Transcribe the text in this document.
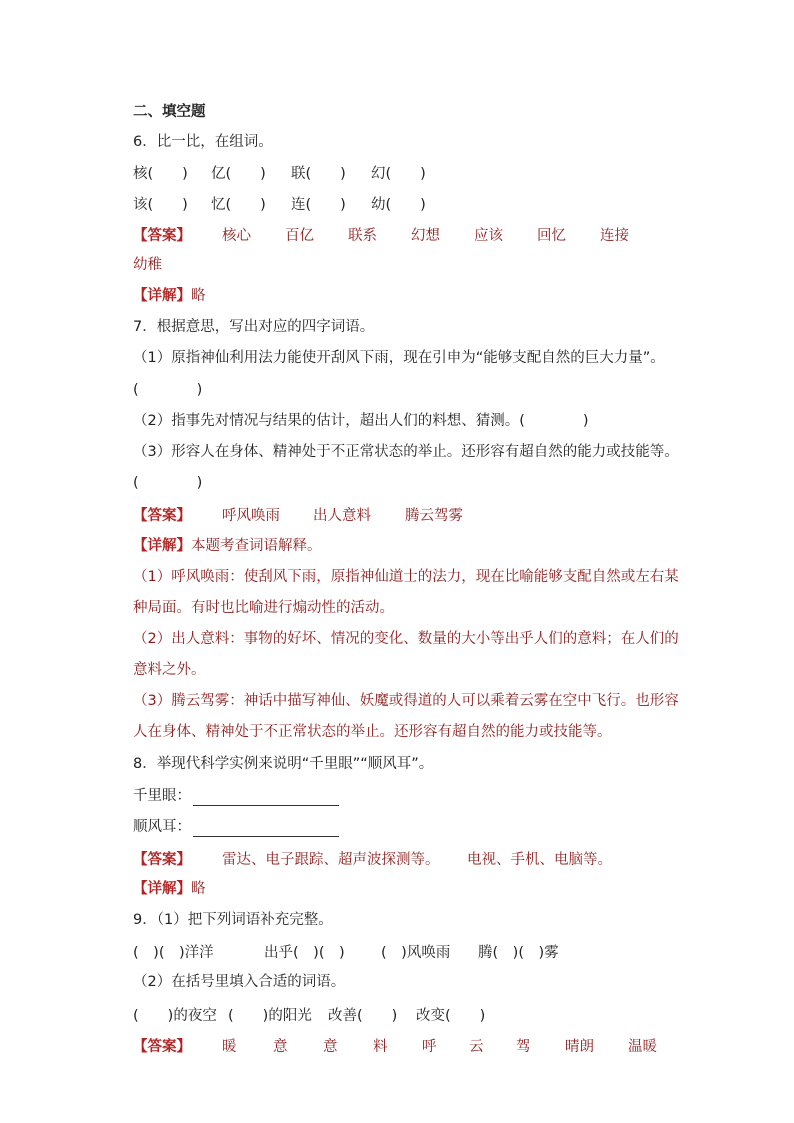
二、填空题
6．比一比，在组词。
核(　　) 亿(　　) 联(　　) 幻(　　)
该(　　) 忆(　　) 连(　　) 幼(　　)
【答案】 核心 百亿 联系 幻想 应该 回忆 连接
幼稚
【详解】略
7．根据意思，写出对应的四字词语。
（1）原指神仙利用法力能使开刮风下雨，现在引申为“能够支配自然的巨大力量”。
(　　　　)
（2）指事先对情况与结果的估计，超出人们的料想、猜测。(　　　　)
（3）形容人在身体、精神处于不正常状态的举止。还形容有超自然的能力或技能等。
(　　　　)
【答案】 呼风唤雨 出人意料 腾云驾雾
【详解】本题考查词语解释。
（1）呼风唤雨：使刮风下雨，原指神仙道士的法力，现在比喻能够支配自然或左右某
种局面。有时也比喻进行煽动性的活动。
（2）出人意料：事物的好坏、情况的变化、数量的大小等出乎人们的意料；在人们的
意料之外。
（3）腾云驾雾：神话中描写神仙、妖魔或得道的人可以乘着云雾在空中飞行。也形容
人在身体、精神处于不正常状态的举止。还形容有超自然的能力或技能等。
8．举现代科学实例来说明“千里眼”“顺风耳”。
千里眼：
顺风耳：
【答案】 雷达、电子跟踪、超声波探测等。 电视、手机、电脑等。
【详解】略
9．（1）把下列词语补充完整。
(　)(　)洋洋	出乎(　)(　)	(　)风唤雨 腾(　)(　)雾
（2）在括号里填入合适的词语。
(　　)的夜空 (　　)的阳光 改善(　　) 改变(　　)
【答案】 暖	意 意 料 呼 云 驾 晴朗 温暖
